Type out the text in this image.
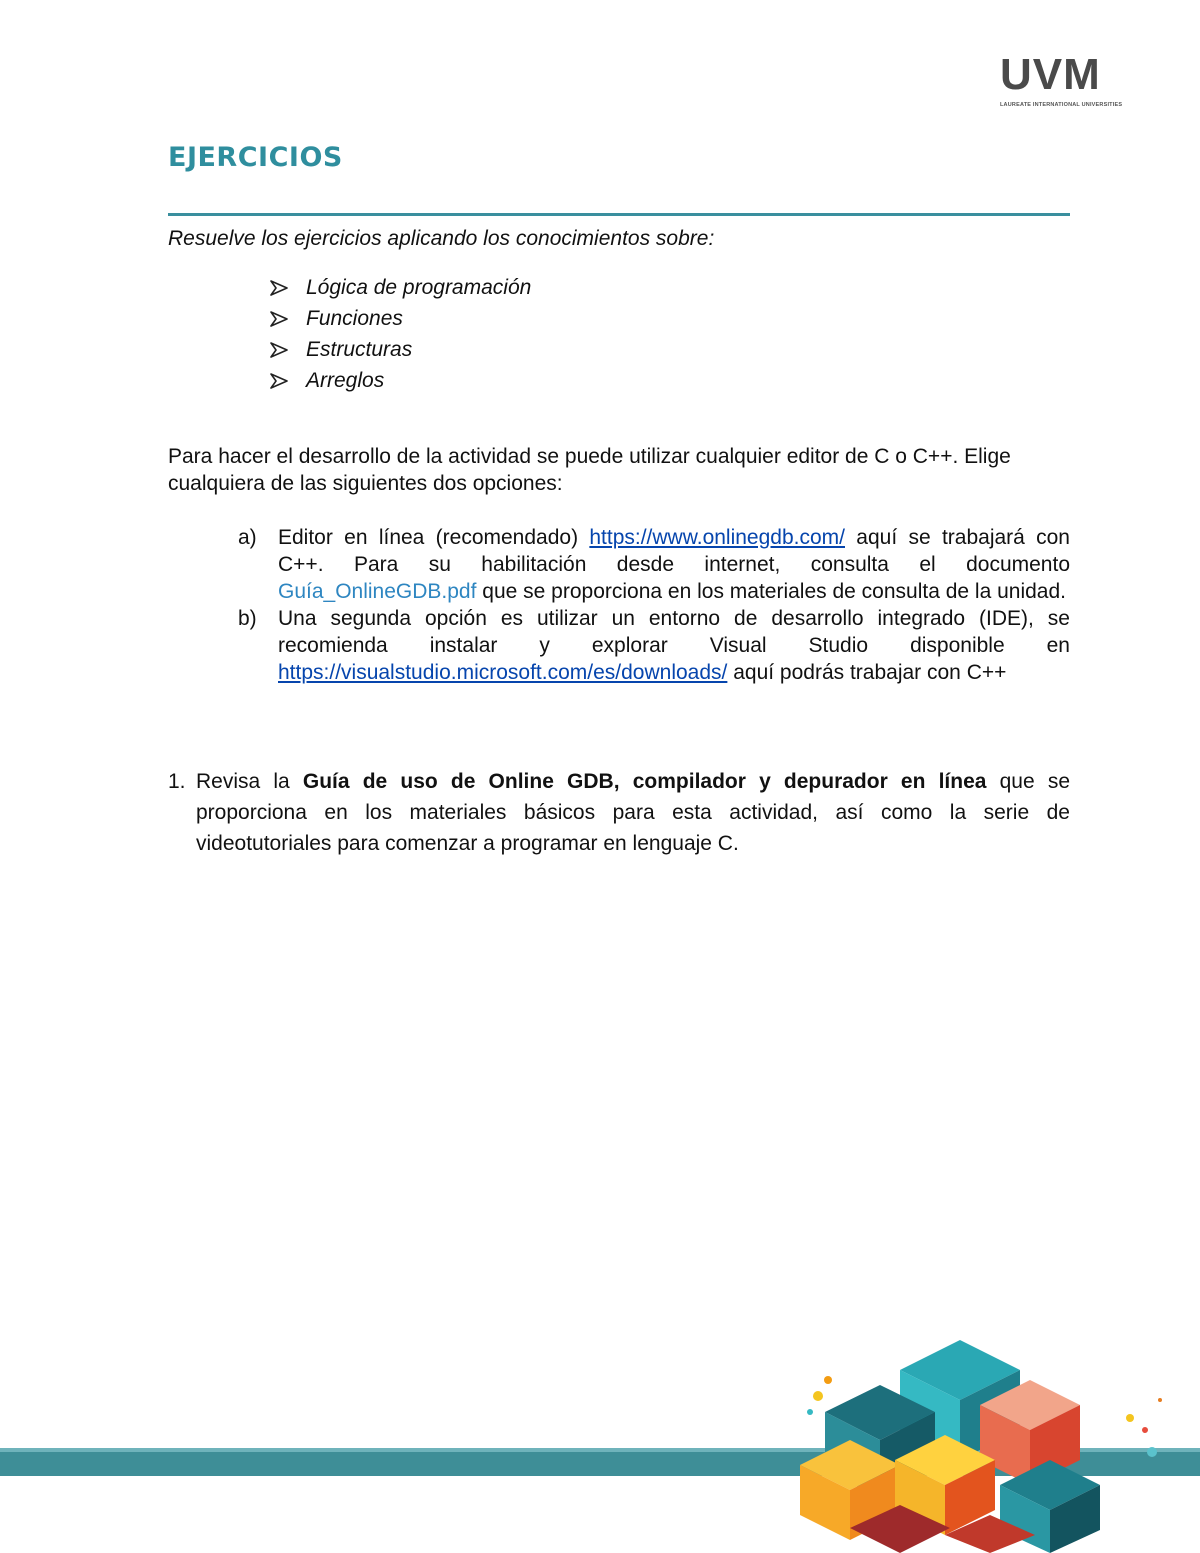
UVM
LAUREATE INTERNATIONAL UNIVERSITIES
EJERCICIOS

Resuelve los ejercicios aplicando los conocimientos sobre:

Lógica de programación
Funciones
Estructuras
Arreglos

Para hacer el desarrollo de la actividad se puede utilizar cualquier editor de C o C++. Elige cualquiera de las siguientes dos opciones:

a) Editor en línea (recomendado) https://www.onlinegdb.com/ aquí se trabajará con C++. Para su habilitación desde internet, consulta el documento Guía_OnlineGDB.pdf que se proporciona en los materiales de consulta de la unidad.
b) Una segunda opción es utilizar un entorno de desarrollo integrado (IDE), se recomienda instalar y explorar Visual Studio disponible en https://visualstudio.microsoft.com/es/downloads/ aquí podrás trabajar con C++
1. Revisa la Guía de uso de Online GDB, compilador y depurador en línea que se proporciona en los materiales básicos para esta actividad, así como la serie de videotutoriales para comenzar a programar en lenguaje C.
